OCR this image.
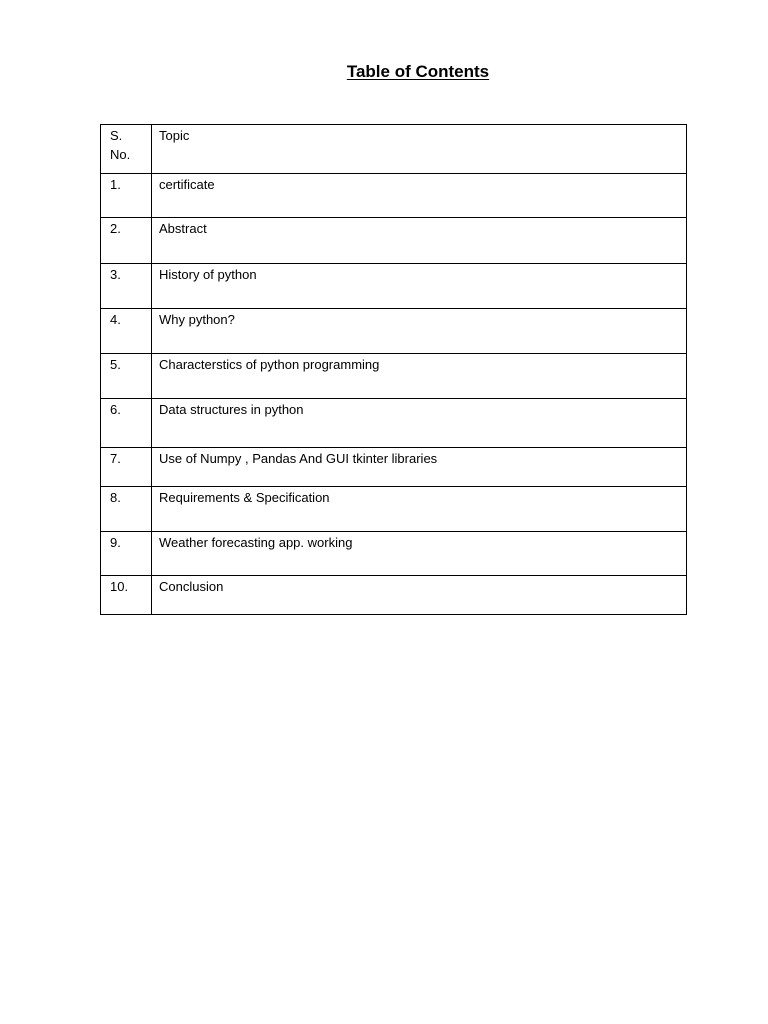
Table of Contents
S.
No.	Topic
1.	certificate
2.	Abstract
3.	History of python
4.	Why python?
5.	Characterstics of python programming
6.	Data structures in python
7.	Use of Numpy , Pandas And GUI tkinter libraries
8.	Requirements & Specification
9.	Weather forecasting app. working
10.	Conclusion
